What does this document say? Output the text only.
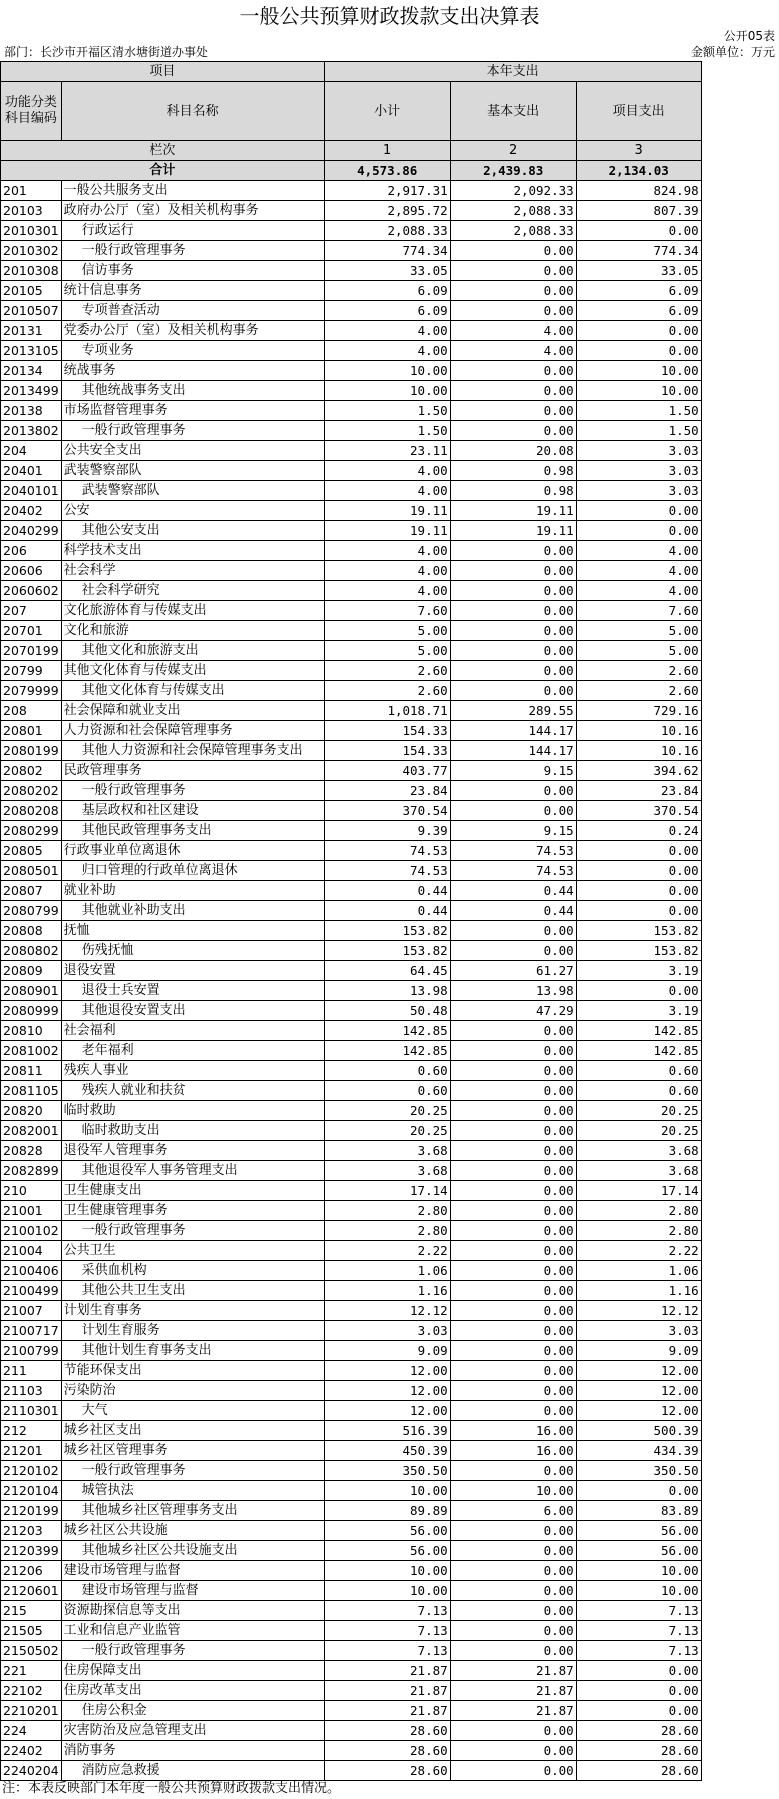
一般公共预算财政拨款支出决算表
公开05表
部门：长沙市开福区清水塘街道办事处	金额单位：万元
项目		本年支出		
功能分类科目编码	科目名称	小计	基本支出	项目支出
栏次		1	2	3
合计		4,573.86	2,439.83	2,134.03
201	一般公共服务支出	2,917.31	2,092.33	824.98
20103	政府办公厅（室）及相关机构事务	2,895.72	2,088.33	807.39
2010301	行政运行	2,088.33	2,088.33	0.00
2010302	一般行政管理事务	774.34	0.00	774.34
2010308	信访事务	33.05	0.00	33.05
20105	统计信息事务	6.09	0.00	6.09
2010507	专项普查活动	6.09	0.00	6.09
20131	党委办公厅（室）及相关机构事务	4.00	4.00	0.00
2013105	专项业务	4.00	4.00	0.00
20134	统战事务	10.00	0.00	10.00
2013499	其他统战事务支出	10.00	0.00	10.00
20138	市场监督管理事务	1.50	0.00	1.50
2013802	一般行政管理事务	1.50	0.00	1.50
204	公共安全支出	23.11	20.08	3.03
20401	武装警察部队	4.00	0.98	3.03
2040101	武装警察部队	4.00	0.98	3.03
20402	公安	19.11	19.11	0.00
2040299	其他公安支出	19.11	19.11	0.00
206	科学技术支出	4.00	0.00	4.00
20606	社会科学	4.00	0.00	4.00
2060602	社会科学研究	4.00	0.00	4.00
207	文化旅游体育与传媒支出	7.60	0.00	7.60
20701	文化和旅游	5.00	0.00	5.00
2070199	其他文化和旅游支出	5.00	0.00	5.00
20799	其他文化体育与传媒支出	2.60	0.00	2.60
2079999	其他文化体育与传媒支出	2.60	0.00	2.60
208	社会保障和就业支出	1,018.71	289.55	729.16
20801	人力资源和社会保障管理事务	154.33	144.17	10.16
2080199	其他人力资源和社会保障管理事务支出	154.33	144.17	10.16
20802	民政管理事务	403.77	9.15	394.62
2080202	一般行政管理事务	23.84	0.00	23.84
2080208	基层政权和社区建设	370.54	0.00	370.54
2080299	其他民政管理事务支出	9.39	9.15	0.24
20805	行政事业单位离退休	74.53	74.53	0.00
2080501	归口管理的行政单位离退休	74.53	74.53	0.00
20807	就业补助	0.44	0.44	0.00
2080799	其他就业补助支出	0.44	0.44	0.00
20808	抚恤	153.82	0.00	153.82
2080802	伤残抚恤	153.82	0.00	153.82
20809	退役安置	64.45	61.27	3.19
2080901	退役士兵安置	13.98	13.98	0.00
2080999	其他退役安置支出	50.48	47.29	3.19
20810	社会福利	142.85	0.00	142.85
2081002	老年福利	142.85	0.00	142.85
20811	残疾人事业	0.60	0.00	0.60
2081105	残疾人就业和扶贫	0.60	0.00	0.60
20820	临时救助	20.25	0.00	20.25
2082001	临时救助支出	20.25	0.00	20.25
20828	退役军人管理事务	3.68	0.00	3.68
2082899	其他退役军人事务管理支出	3.68	0.00	3.68
210	卫生健康支出	17.14	0.00	17.14
21001	卫生健康管理事务	2.80	0.00	2.80
2100102	一般行政管理事务	2.80	0.00	2.80
21004	公共卫生	2.22	0.00	2.22
2100406	采供血机构	1.06	0.00	1.06
2100499	其他公共卫生支出	1.16	0.00	1.16
21007	计划生育事务	12.12	0.00	12.12
2100717	计划生育服务	3.03	0.00	3.03
2100799	其他计划生育事务支出	9.09	0.00	9.09
211	节能环保支出	12.00	0.00	12.00
21103	污染防治	12.00	0.00	12.00
2110301	大气	12.00	0.00	12.00
212	城乡社区支出	516.39	16.00	500.39
21201	城乡社区管理事务	450.39	16.00	434.39
2120102	一般行政管理事务	350.50	0.00	350.50
2120104	城管执法	10.00	10.00	0.00
2120199	其他城乡社区管理事务支出	89.89	6.00	83.89
21203	城乡社区公共设施	56.00	0.00	56.00
2120399	其他城乡社区公共设施支出	56.00	0.00	56.00
21206	建设市场管理与监督	10.00	0.00	10.00
2120601	建设市场管理与监督	10.00	0.00	10.00
215	资源勘探信息等支出	7.13	0.00	7.13
21505	工业和信息产业监管	7.13	0.00	7.13
2150502	一般行政管理事务	7.13	0.00	7.13
221	住房保障支出	21.87	21.87	0.00
22102	住房改革支出	21.87	21.87	0.00
2210201	住房公积金	21.87	21.87	0.00
224	灾害防治及应急管理支出	28.60	0.00	28.60
22402	消防事务	28.60	0.00	28.60
2240204	消防应急救援	28.60	0.00	28.60
注：本表反映部门本年度一般公共预算财政拨款支出情况。
